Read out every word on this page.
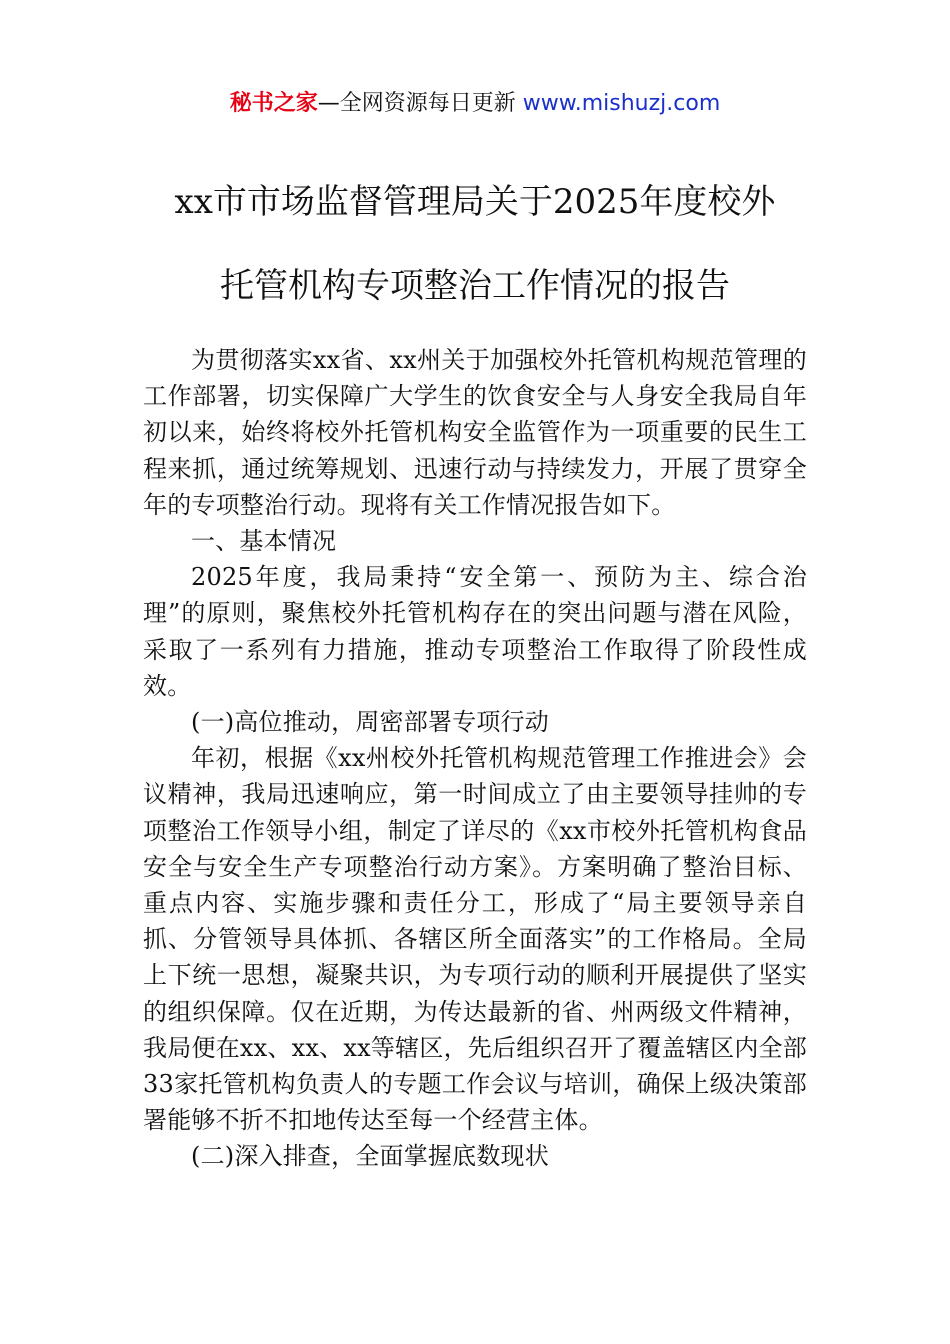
秘书之家—全网资源每日更新 www.mishuzj.com
xx市市场监督管理局关于2025年度校外
托管机构专项整治工作情况的报告

为贯彻落实xx省、xx州关于加强校外托管机构规范管理的工作部署，切实保障广大学生的饮食安全与人身安全我局自年初以来，始终将校外托管机构安全监管作为一项重要的民生工程来抓，通过统筹规划、迅速行动与持续发力，开展了贯穿全年的专项整治行动。现将有关工作情况报告如下。

一、基本情况

2025年度，我局秉持“安全第一、预防为主、综合治理”的原则，聚焦校外托管机构存在的突出问题与潜在风险，采取了一系列有力措施，推动专项整治工作取得了阶段性成效。

(一)高位推动，周密部署专项行动

年初，根据《xx州校外托管机构规范管理工作推进会》会议精神，我局迅速响应，第一时间成立了由主要领导挂帅的专项整治工作领导小组，制定了详尽的《xx市校外托管机构食品安全与安全生产专项整治行动方案》。方案明确了整治目标、重点内容、实施步骤和责任分工，形成了“局主要领导亲自抓、分管领导具体抓、各辖区所全面落实”的工作格局。全局上下统一思想，凝聚共识，为专项行动的顺利开展提供了坚实的组织保障。仅在近期，为传达最新的省、州两级文件精神，我局便在xx、xx、xx等辖区，先后组织召开了覆盖辖区内全部33家托管机构负责人的专题工作会议与培训，确保上级决策部署能够不折不扣地传达至每一个经营主体。

(二)深入排查，全面掌握底数现状
